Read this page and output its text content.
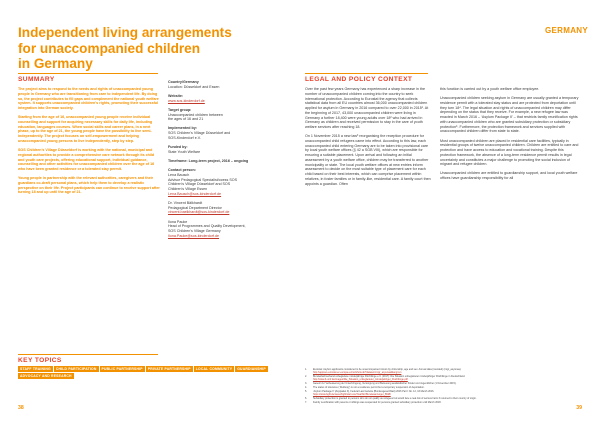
Independent living arrangements
for unaccompanied children
in Germany
GERMANY
SUMMARY

The project aims to respond to the needs and rights of unaccompanied young people in Germany who are transitioning from care to independent life. By doing so, the project contributes to fill gaps and complement the national youth welfare system. It supports unaccompanied children’s rights, promoting their successful integration into German society.

Starting from the age of 16, unaccompanied young people receive individual counselling and support for acquiring necessary skills for daily life, including education, languages courses. When social skills and career plans, in a next phase, up to the age of 21, the young people have the possibility to live semi-independently. The project focuses on self-empowerment and helping unaccompanied young persons to live independently, step by step.

SOS Children’s Village Düsseldorf is working with the national, municipal and regional authorities to provide a comprehensive care network through its child and youth care projects, offering educational support, individual guidance, counselling and other activities for unaccompanied children over the age of 16 who have been granted residence or a tolerated stay permit.

Young people in partnership with the relevant authorities, caregivers and their guardians co-draft personal plans, which help them to develop a realistic perspective on their life. Project participants can continue to receive support after turning 18 and up until the age of 21.

Country/Germany
Location: Düsseldorf and Essen
Website:
www.sos-kinderdorf.de
Target group:
Unaccompanied children between
the ages of 16 and 21
Implemented by:
SOS Children’s Village Düsseldorf and
SOS-Kinderdorf e.V.
Funded by:
State Youth Welfare
Timeframe: Long-term project, 2016 – ongoing
Contact person:
Lena Bausch
Advisor Pedagogical Specialist/ocess SOS
Children’s Village Düsseldorf and SOS
Children’s Village Essen
Lena.Bausch@sos-kinderdorf.de
Dr. Vincent Bälkhardt
Pedagogical Department Director
vincent.baelkhardt@sos-kinderdorf.de
Ilona Pauke
Head of Programmes and Quality Development,
SOS Children’s Village Germany
Ilona.Pauke@sos-kinderdorf.de
KEY TOPICS
STAFF TRAINING	CHILD PARTICIPATION	PUBLIC PARTNERSHIP	PRIVATE PARTNERSHIP	LOCAL COMMUNITY	GUARDIANSHIP
ADVOCACY AND RESEARCH
LEGAL AND POLICY CONTEXT

Over the past few years Germany has experienced a sharp increase in the number of unaccompanied children coming into the country to seek international protection. According to Eurostat the agency that collects statistical data from all EU countries almost 36,000 unaccompanied children applied for asylum in Germany in 2016 compared to over 22,000 in 2015¹. At the beginning of 2017, 43,000 unaccompanied children were living in Germany a further 18,400 were young adults over 18² who had arrived in Germany as children and received permission to stay in the care of youth welfare services after reaching 18.

On 1 November 2015 a new law³ reorganising the reception procedure for unaccompanied child refugees came into effect. According to this law, each unaccompanied child entering Germany are to be taken into provisional care by local youth welfare offices (§ 42 a SGB VIII), which are responsible for ensuring a suitable placement. Upon arrival and following an initial assessment by a youth welfare office, children may be transferred to another municipality or state. The local youth welfare offices at new entries inform assessment to decide on the most suitable type of placement care for each child based on their best interests, which can comprise placement within relatives, in foster families or in family-like, residential care. A family court then appoints a guardian. Often

this function is carried out by a youth welfare office employee.

Unaccompanied children seeking asylum in Germany are usually granted a temporary residence permit with a tolerated stay status and are protected from deportation until they turn 18⁴. The legal situation and rights of unaccompanied children may differ depending on the status that they receive. For example, a new refugee law was enacted in March 2016 – ‘Asylum Package II’ – that restricts family reunification rights with unaccompanied children who are granted subsidiary protection or subsidiary protection⁵. Furthermore, the protection framework and services supplied with unaccompanied children differ from state to state.

Most unaccompanied children are placed in residential care facilities, typically in residential groups of twelve unaccompanied children. Children are entitled to care and protection and have access to education and vocational training. Despite this protection framework, the absence of a long-term residence permit results in legal uncertainty and constitutes a major challenge to promoting the social inclusion of migrant and refugee children.

Unaccompanied children are entitled to guardianship support, and local youth welfare offices have guardianship responsibility for all

1.	Eurostat: Asylum applicants considered to be unaccompanied minors by citizenship, age and sex. Annual data (rounded) (migr_asyunaa).
http://appsso.eurostat.ec.europa.eu/nui/show.do?dataset=migr_asyunaa&lang=en
2.	Bundesfachverband unbegleitete minderjährige Flüchtlinge e.V. (2017): Die Situation unbegleiteter minderjähriger Flüchtlinge in Deutschland.
http://www.b-umf.de/images/Die_Situation_unbegleiteter_minderjahriger_Fluchtlinge.pdf
3.	Gesetz zur Verbesserung der Unterbringung, Versorgung und Betreuung ausländischer Kinder und Jugendlicher (1 November 2015).
4.	The status of tolerance (‘Duldung’) is not a residence permit but a temporary suspension of deportation.
5.	‘Asylum Package II’ (Asylpaket II), Federal Law Gazette (Bundesgesetzblatt) 2016 Part I No. 12, 16 March 2016.
https://www.bgbl.de/xaver/bgbl/start.xav?startbk=Bundesanzeiger_BGBl
6.	Subsidiary protection is granted to persons who do not qualify as refugees but would face a real risk of serious harm if returned to their country of origin.
7.	Family reunification with parents or siblings was suspended for persons granted subsidiary protection until March 2018.
38	39
